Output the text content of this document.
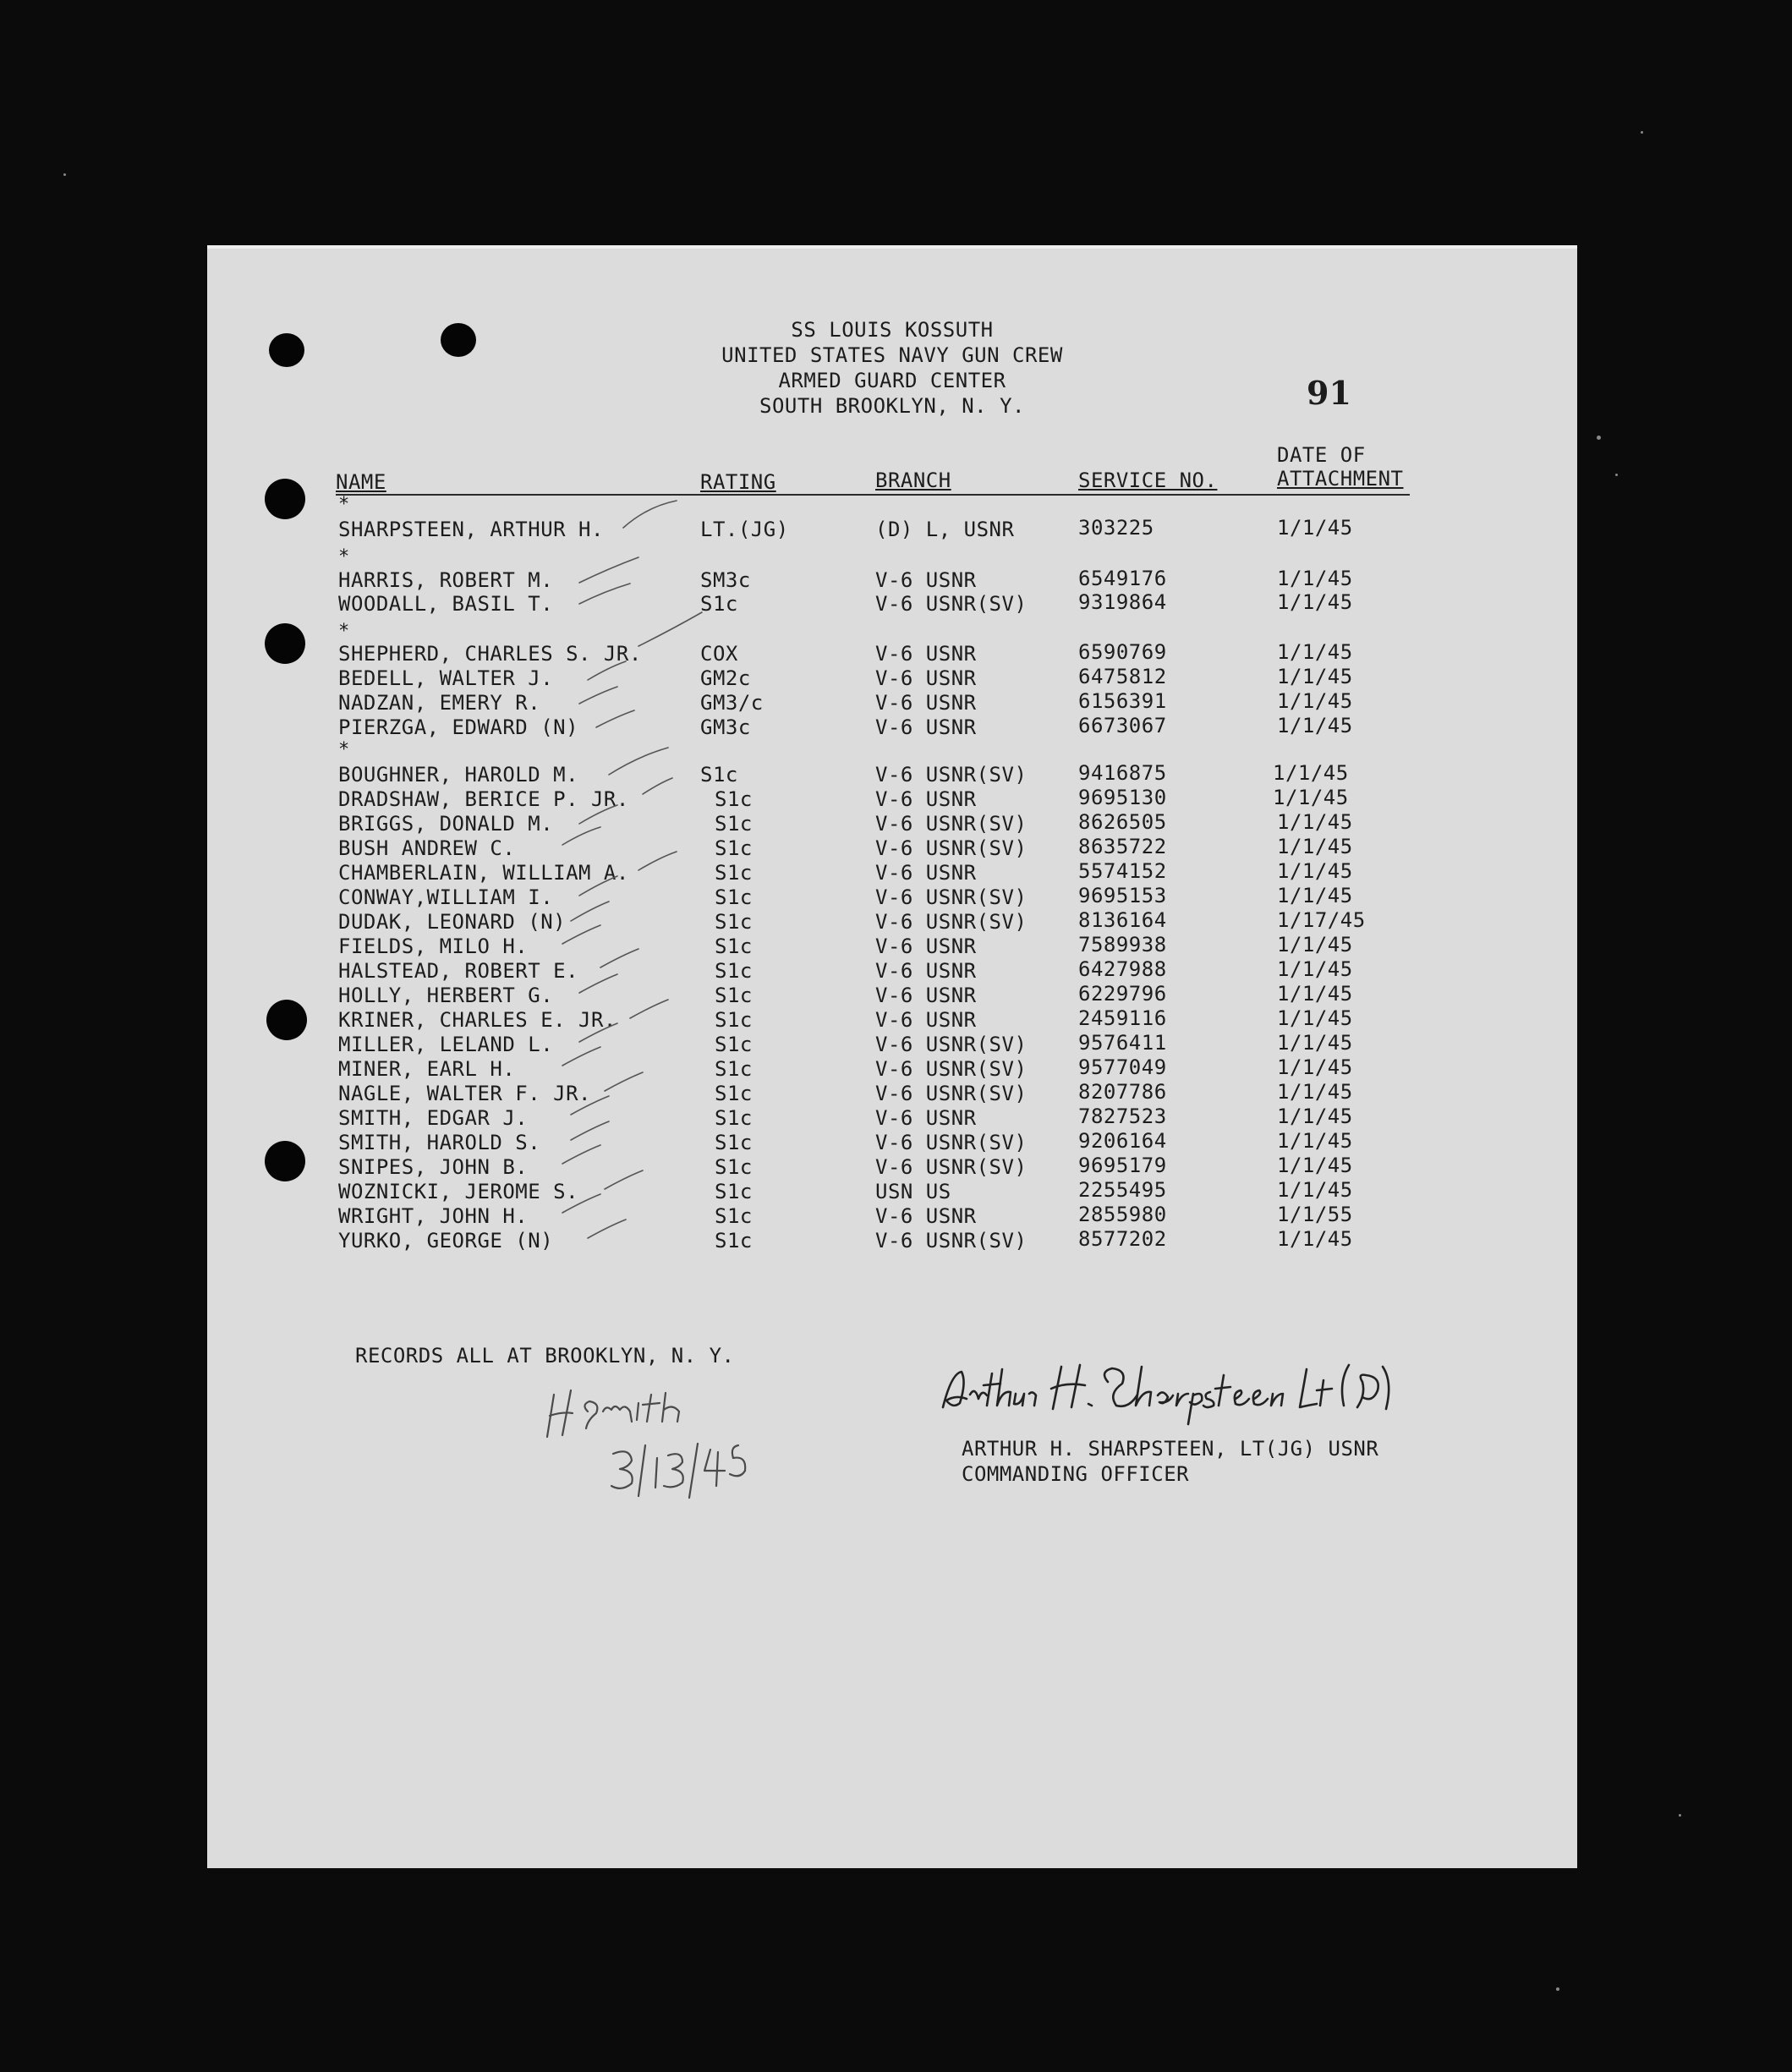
SS LOUIS KOSSUTH
UNITED STATES NAVY GUN CREW
ARMED GUARD CENTER
SOUTH BROOKLYN, N. Y.	91
NAME	RATING	BRANCH	SERVICE NO.
DATE OF
ATTACHMENT
*
*
*
*
SHARPSTEEN, ARTHUR H.	LT.(JG)	(D) L, USNR	303225	1/1/45
HARRIS, ROBERT M.	SM3c	V-6 USNR	6549176	1/1/45
WOODALL, BASIL T.	S1c	V-6 USNR(SV)	9319864	1/1/45
SHEPHERD, CHARLES S. JR.	COX	V-6 USNR	6590769	1/1/45
BEDELL, WALTER J.	GM2c	V-6 USNR	6475812	1/1/45
NADZAN, EMERY R.	GM3/c	V-6 USNR	6156391	1/1/45
PIERZGA, EDWARD (N)	GM3c	V-6 USNR	6673067	1/1/45
BOUGHNER, HAROLD M.	S1c	V-6 USNR(SV)	9416875	1/1/45
DRADSHAW, BERICE P. JR.	S1c	V-6 USNR	9695130	1/1/45
BRIGGS, DONALD M.	S1c	V-6 USNR(SV)	8626505	1/1/45
BUSH ANDREW C.	S1c	V-6 USNR(SV)	8635722	1/1/45
CHAMBERLAIN, WILLIAM A.	S1c	V-6 USNR	5574152	1/1/45
CONWAY,WILLIAM I.	S1c	V-6 USNR(SV)	9695153	1/1/45
DUDAK, LEONARD (N)	S1c	V-6 USNR(SV)	8136164	1/17/45
FIELDS, MILO H.	S1c	V-6 USNR	7589938	1/1/45
HALSTEAD, ROBERT E.	S1c	V-6 USNR	6427988	1/1/45
HOLLY, HERBERT G.	S1c	V-6 USNR	6229796	1/1/45
KRINER, CHARLES E. JR.	S1c	V-6 USNR	2459116	1/1/45
MILLER, LELAND L.	S1c	V-6 USNR(SV)	9576411	1/1/45
MINER, EARL H.	S1c	V-6 USNR(SV)	9577049	1/1/45
NAGLE, WALTER F. JR.	S1c	V-6 USNR(SV)	8207786	1/1/45
SMITH, EDGAR J.	S1c	V-6 USNR	7827523	1/1/45
SMITH, HAROLD S.	S1c	V-6 USNR(SV)	9206164	1/1/45
SNIPES, JOHN B.	S1c	V-6 USNR(SV)	9695179	1/1/45
WOZNICKI, JEROME S.	S1c	USN US	2255495	1/1/45
WRIGHT, JOHN H.	S1c	V-6 USNR	2855980	1/1/55
YURKO, GEORGE (N)	S1c	V-6 USNR(SV)	8577202	1/1/45
RECORDS ALL AT BROOKLYN, N. Y.
ARTHUR H. SHARPSTEEN, LT(JG) USNR
COMMANDING OFFICER
